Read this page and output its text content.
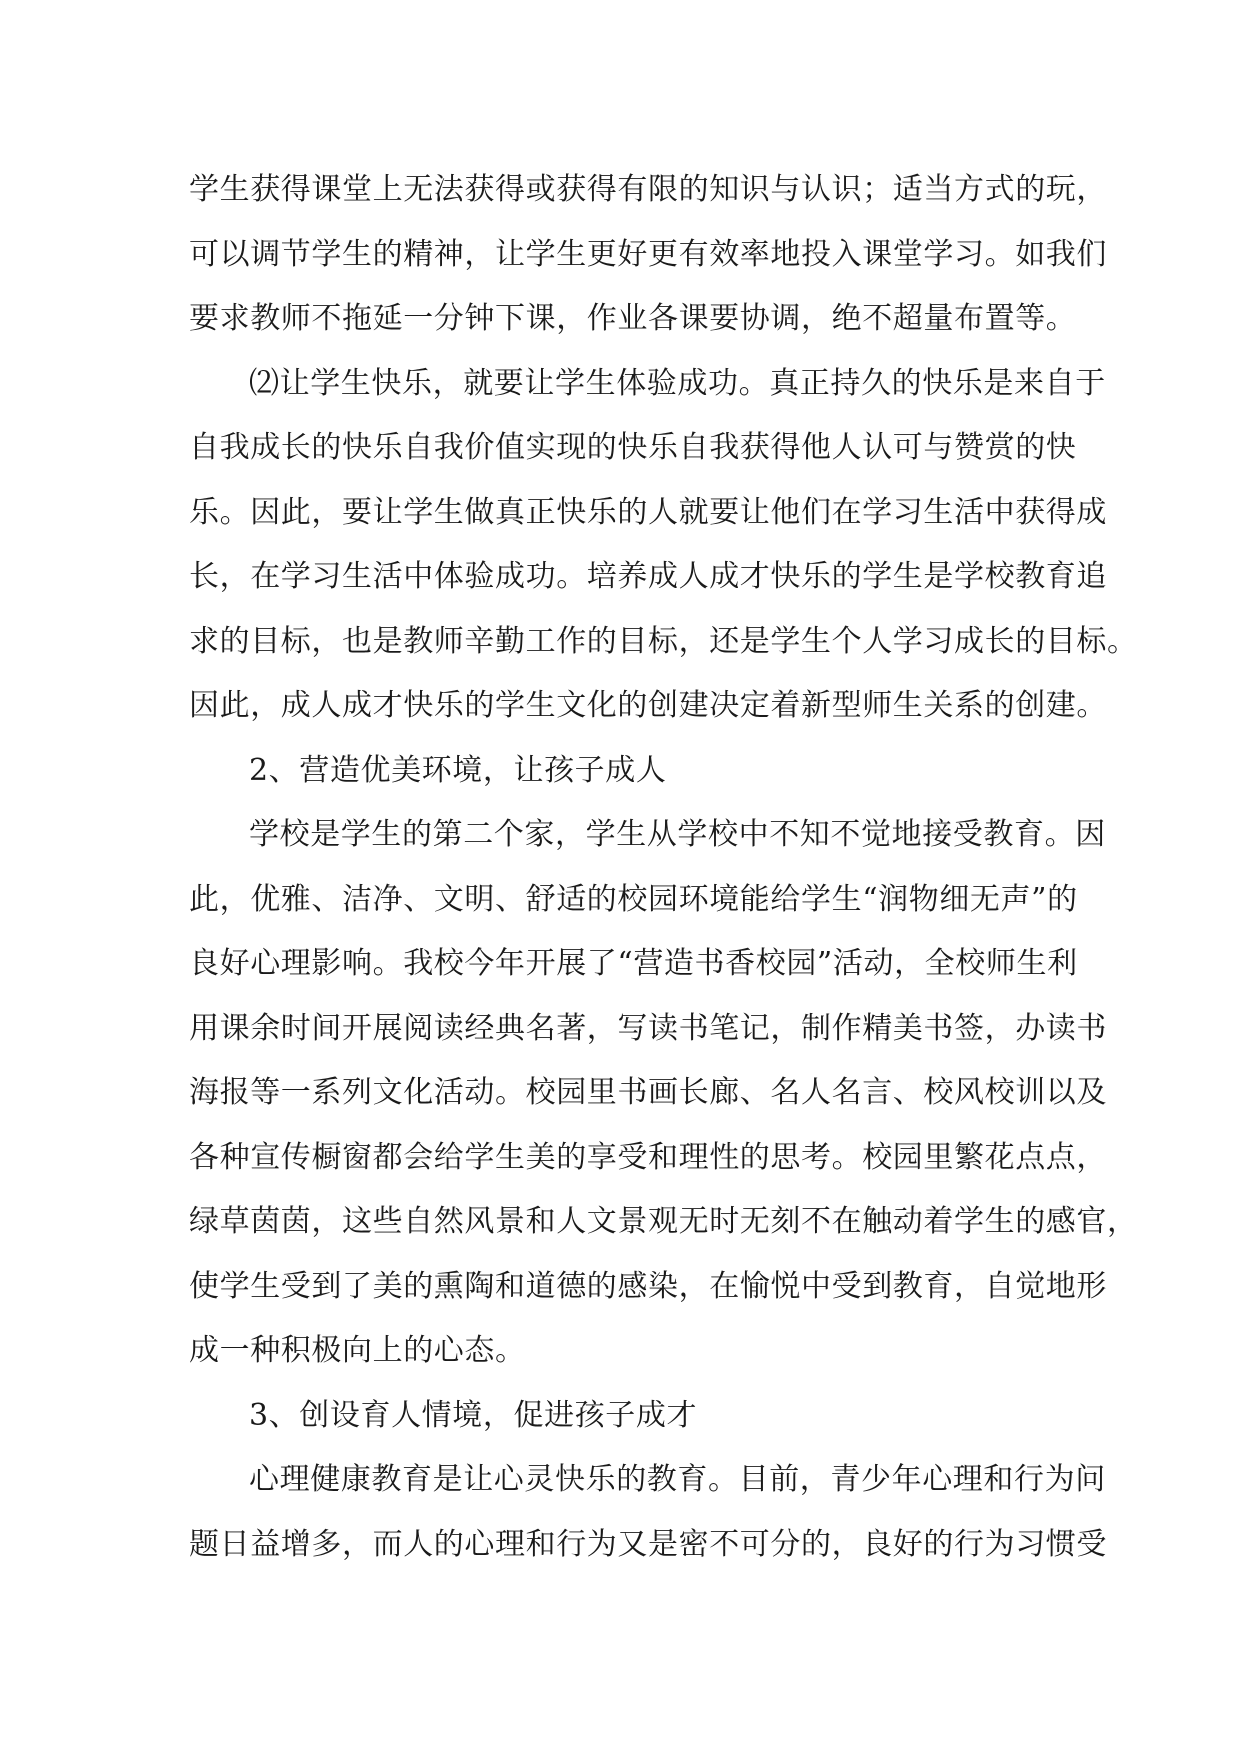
学生获得课堂上无法获得或获得有限的知识与认识；适当方式的玩，
可以调节学生的精神，让学生更好更有效率地投入课堂学习。如我们
要求教师不拖延一分钟下课，作业各课要协调，绝不超量布置等。
⑵让学生快乐，就要让学生体验成功。真正持久的快乐是来自于
自我成长的快乐自我价值实现的快乐自我获得他人认可与赞赏的快
乐。因此，要让学生做真正快乐的人就要让他们在学习生活中获得成
长，在学习生活中体验成功。培养成人成才快乐的学生是学校教育追
求的目标，也是教师辛勤工作的目标，还是学生个人学习成长的目标。
因此，成人成才快乐的学生文化的创建决定着新型师生关系的创建。
2、营造优美环境，让孩子成人
学校是学生的第二个家，学生从学校中不知不觉地接受教育。因
此，优雅、洁净、文明、舒适的校园环境能给学生“润物细无声”的
良好心理影响。我校今年开展了“营造书香校园”活动，全校师生利
用课余时间开展阅读经典名著，写读书笔记，制作精美书签，办读书
海报等一系列文化活动。校园里书画长廊、名人名言、校风校训以及
各种宣传橱窗都会给学生美的享受和理性的思考。校园里繁花点点，
绿草茵茵，这些自然风景和人文景观无时无刻不在触动着学生的感官，
使学生受到了美的熏陶和道德的感染，在愉悦中受到教育，自觉地形
成一种积极向上的心态。
3、创设育人情境，促进孩子成才
心理健康教育是让心灵快乐的教育。目前，青少年心理和行为问
题日益增多，而人的心理和行为又是密不可分的，良好的行为习惯受
